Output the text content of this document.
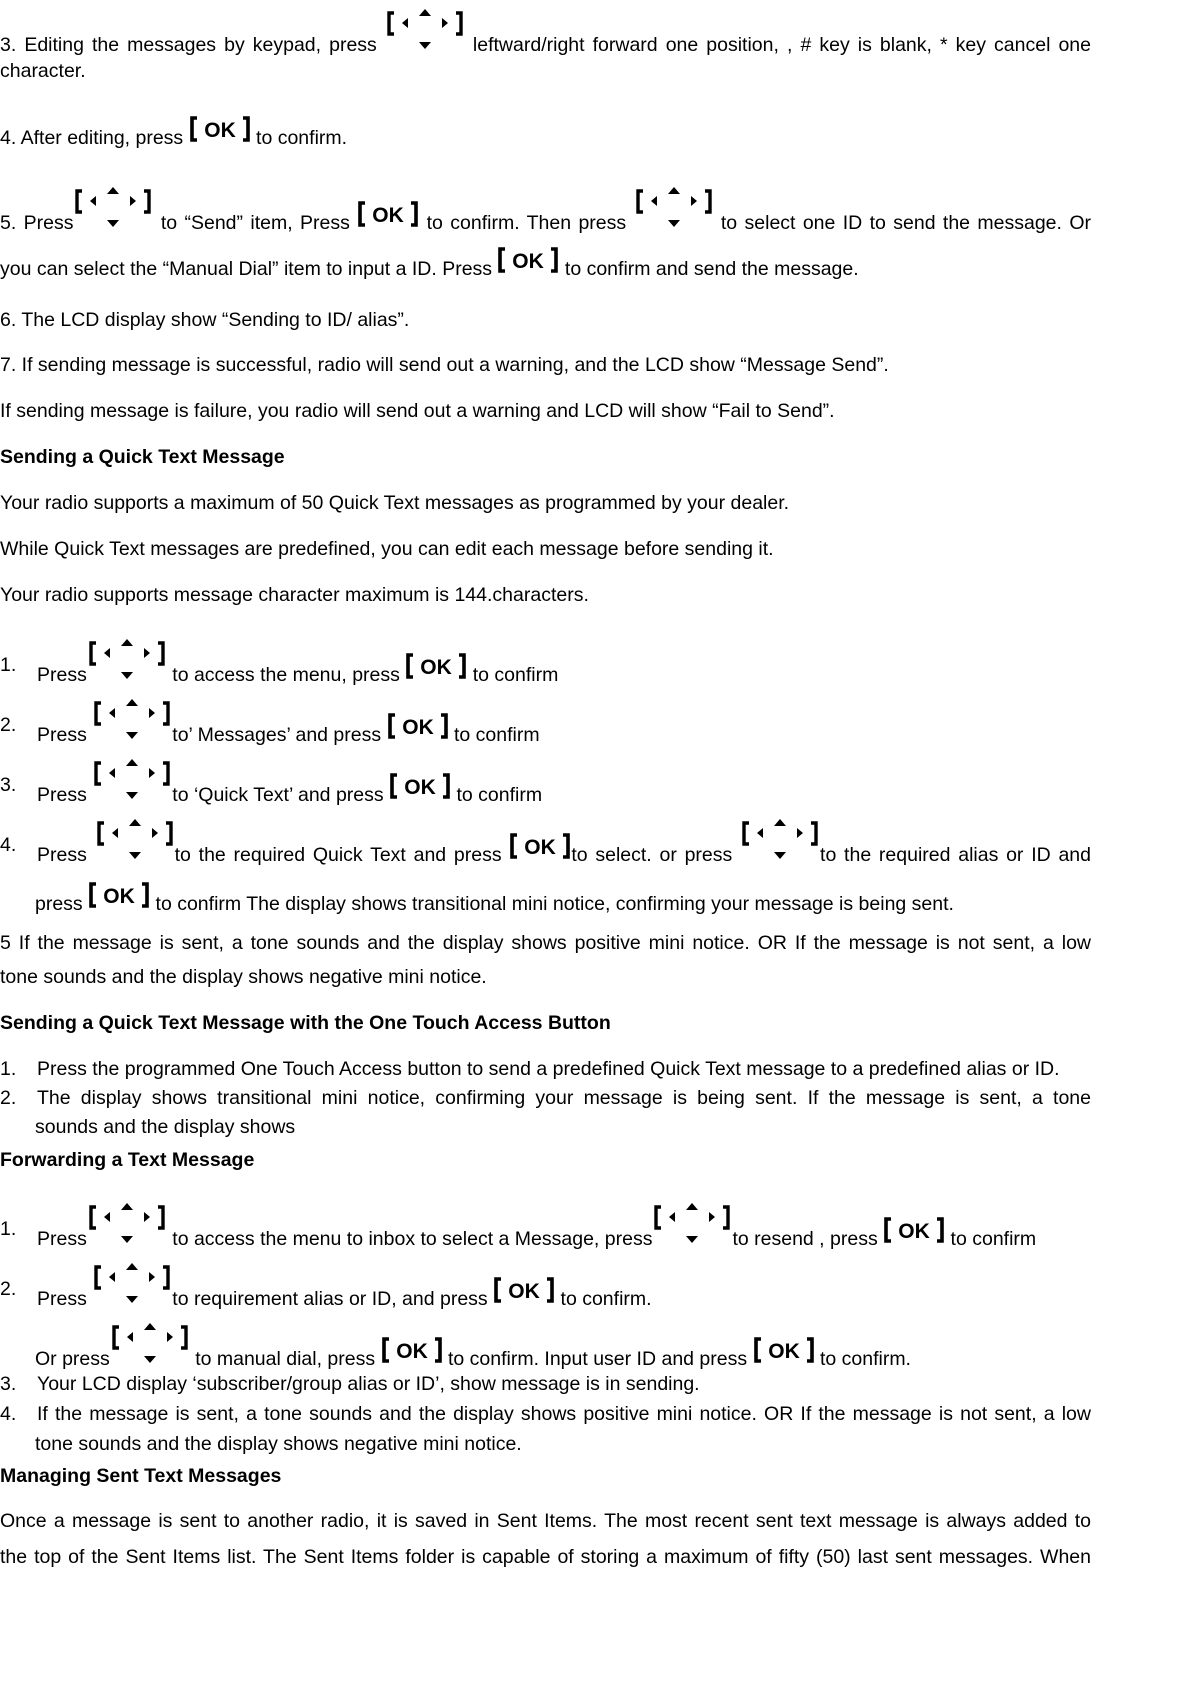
3. Editing the messages by keypad, press	leftward/right forward one position, , # key is blank, * key cancel one
character.
4. After editing, press	to confirm.
5. Press	to “Send” item, Press	to confirm. Then press	to select one ID to send the message. Or
you can select the “Manual Dial” item to input a ID. Press	to confirm and send the message.
6. The LCD display show “Sending to ID/ alias”.
7. If sending message is successful, radio will send out a warning, and the LCD show “Message Send”.
If sending message is failure, you radio will send out a warning and LCD will show “Fail to Send”.
Sending a Quick Text Message
Your radio supports a maximum of 50 Quick Text messages as programmed by your dealer.
While Quick Text messages are predefined, you can edit each message before sending it.
Your radio supports message character maximum is 144.characters.
1. Press	to access the menu, press	to confirm
2. Press	to’ Messages’ and press	to confirm
3. Press	to ‘Quick Text’ and press	to confirm
4. Press	to the required Quick Text and press	to select. or press	to the required alias or ID and
press	to confirm The display shows transitional mini notice, confirming your message is being sent.
5 If the message is sent, a tone sounds and the display shows positive mini notice. OR If the message is not sent, a low
tone sounds and the display shows negative mini notice.
Sending a Quick Text Message with the One Touch Access Button
1. Press the programmed One Touch Access button to send a predefined Quick Text message to a predefined alias or ID.
2. The display shows transitional mini notice, confirming your message is being sent. If the message is sent, a tone
sounds and the display shows
Forwarding a Text Message
1. Press	to access the menu to inbox to select a Message, press	to resend , press	to confirm
2. Press	to requirement alias or ID, and press	to confirm.
Or press	to manual dial, press	to confirm. Input user ID and press	to confirm.
3. Your LCD display ‘subscriber/group alias or ID’, show message is in sending.
4. If the message is sent, a tone sounds and the display shows positive mini notice. OR If the message is not sent, a low
tone sounds and the display shows negative mini notice.
Managing Sent Text Messages
Once a message is sent to another radio, it is saved in Sent Items. The most recent sent text message is always added to
the top of the Sent Items list. The Sent Items folder is capable of storing a maximum of fifty (50) last sent messages. When
